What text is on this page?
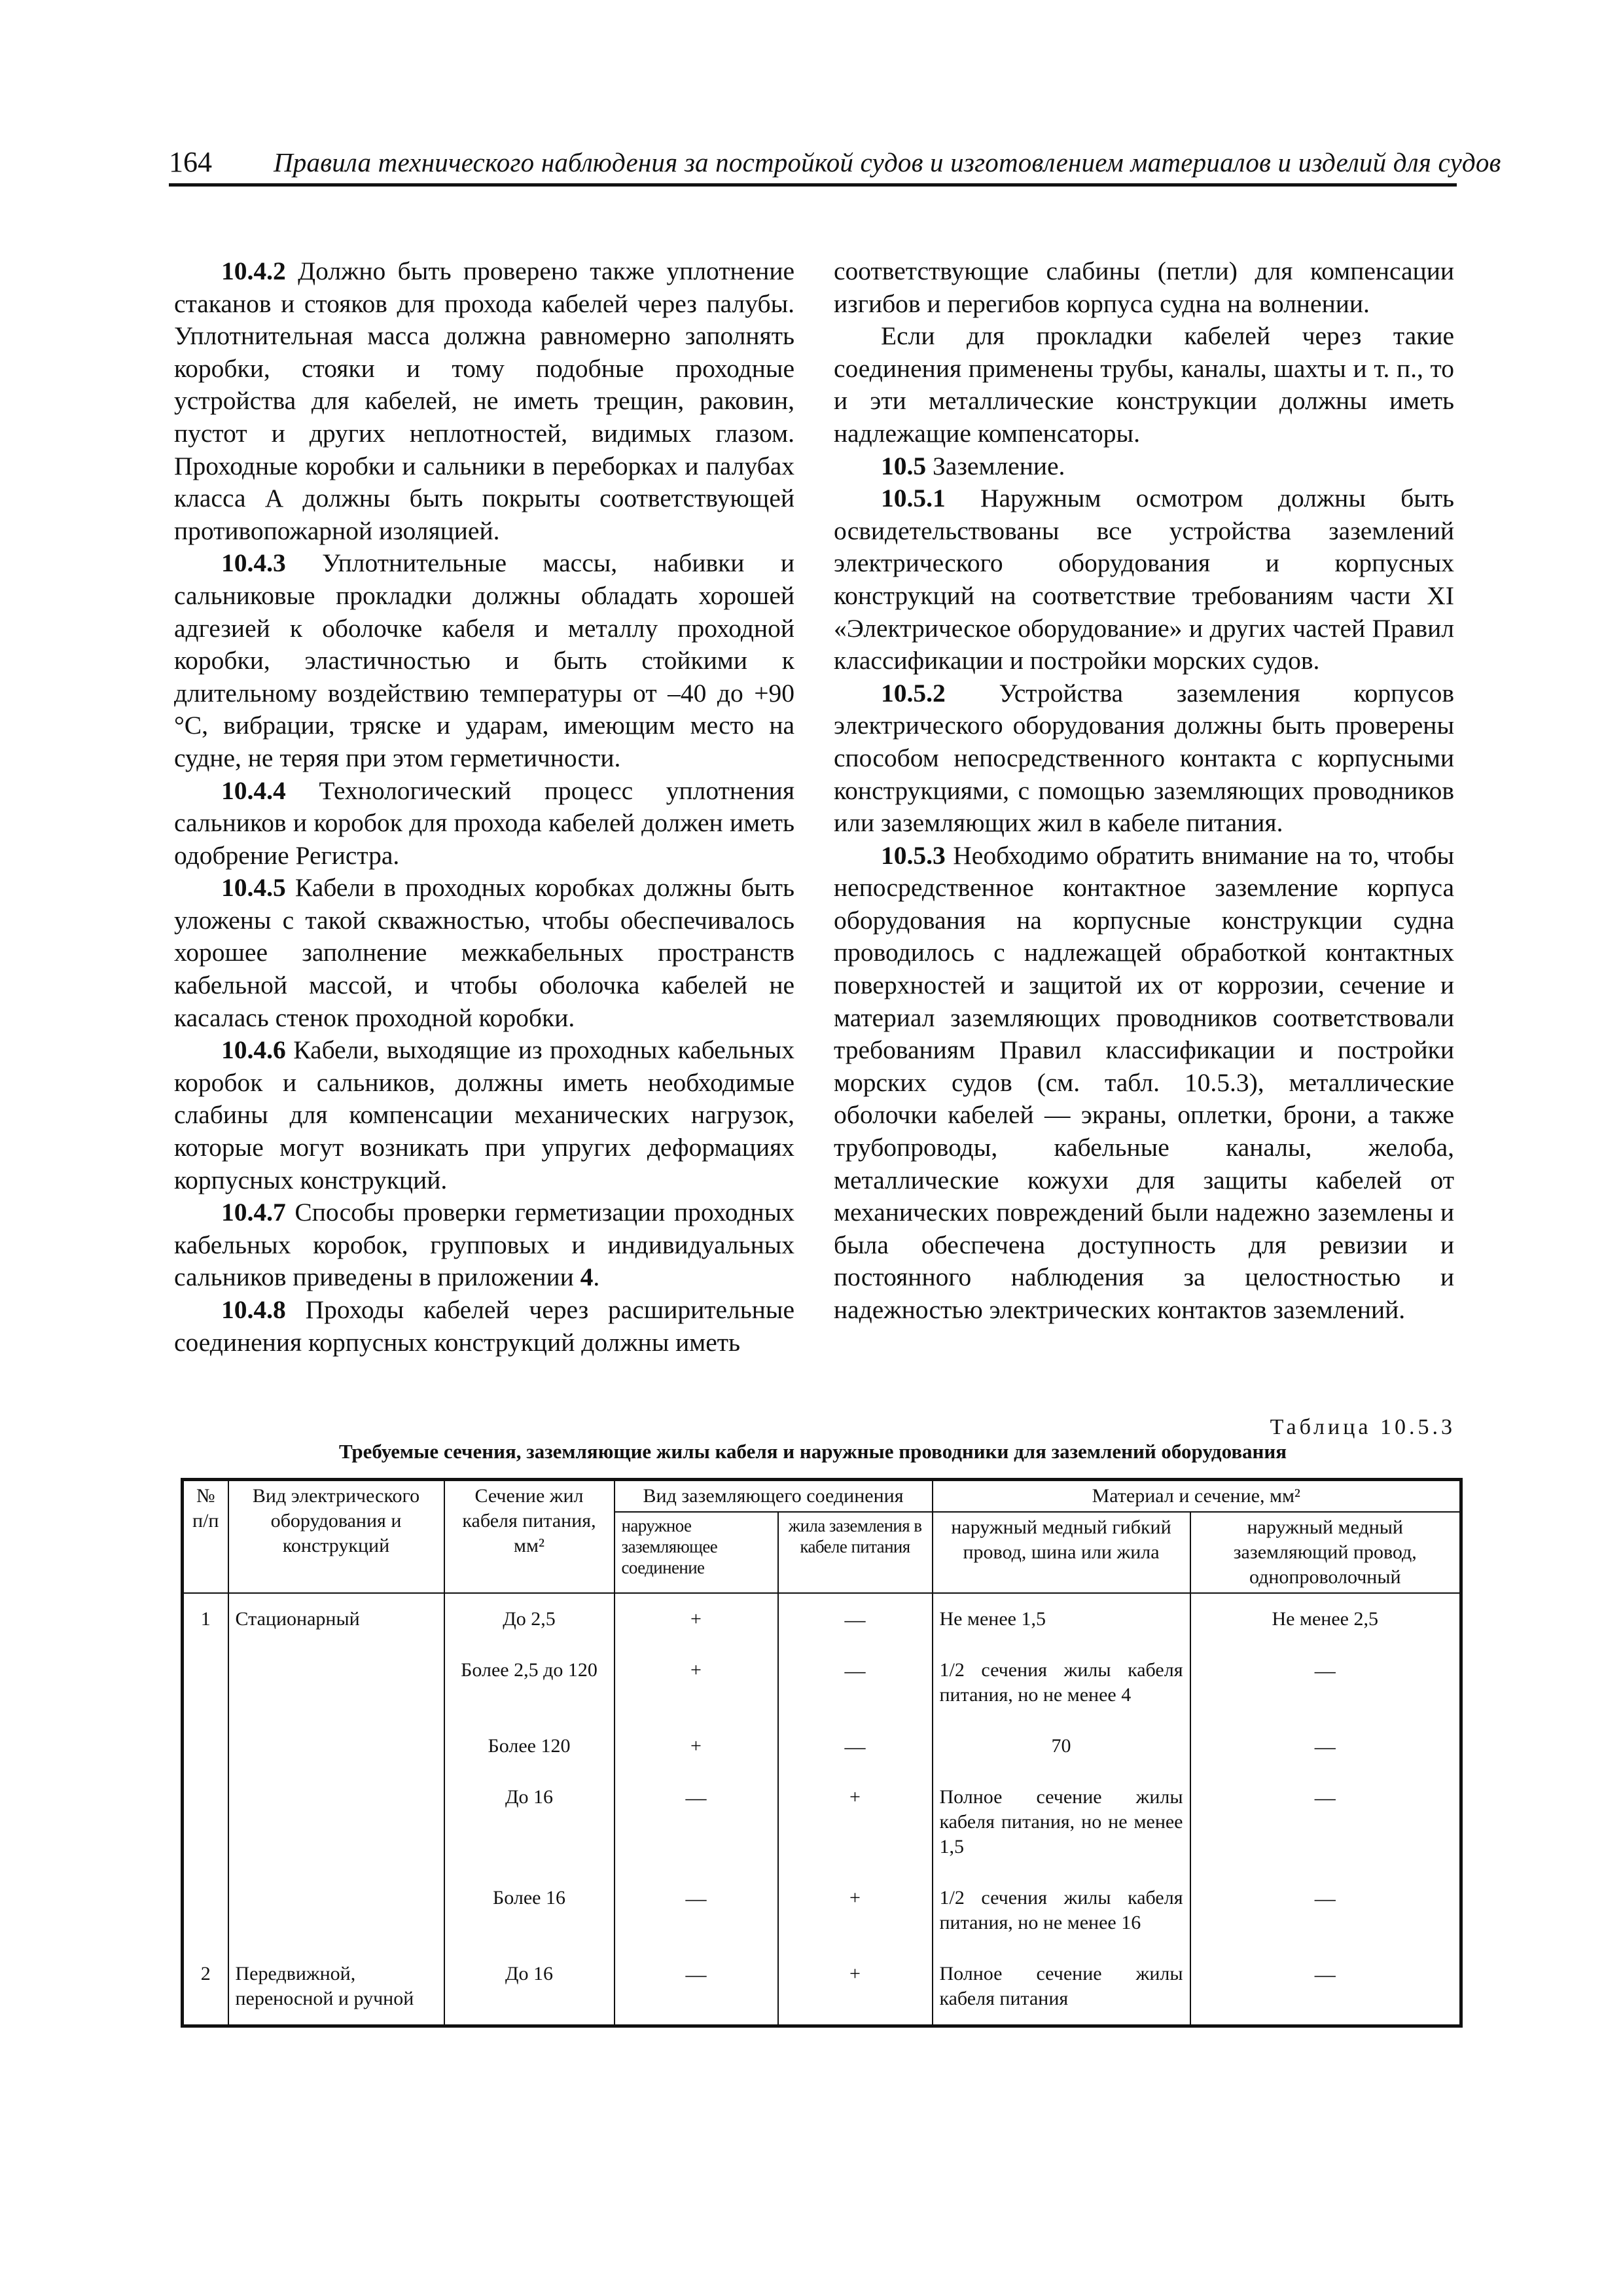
164 Правила технического наблюдения за постройкой судов и изготовлением материалов и изделий для судов

10.4.2 Должно быть проверено также уплотнение стаканов и стояков для прохода кабелей через палубы. Уплотнительная масса должна равномерно заполнять коробки, стояки и тому подобные проходные устройства для кабелей, не иметь трещин, раковин, пустот и других неплотностей, видимых глазом. Проходные коробки и сальники в переборках и палубах класса А должны быть покрыты соответствующей противопожарной изоляцией.

10.4.3 Уплотнительные массы, набивки и сальниковые прокладки должны обладать хорошей адгезией к оболочке кабеля и металлу проходной коробки, эластичностью и быть стойкими к длительному воздействию температуры от –40 до +90 °С, вибрации, тряске и ударам, имеющим место на судне, не теряя при этом герметичности.

10.4.4 Технологический процесс уплотнения сальников и коробок для прохода кабелей должен иметь одобрение Регистра.

10.4.5 Кабели в проходных коробках должны быть уложены с такой скважностью, чтобы обеспечивалось хорошее заполнение межкабельных пространств кабельной массой, и чтобы оболочка кабелей не касалась стенок проходной коробки.

10.4.6 Кабели, выходящие из проходных кабельных коробок и сальников, должны иметь необходимые слабины для компенсации механических нагрузок, которые могут возникать при упругих деформациях корпусных конструкций.

10.4.7 Способы проверки герметизации проходных кабельных коробок, групповых и индивидуальных сальников приведены в приложении 4.

10.4.8 Проходы кабелей через расширительные соединения корпусных конструкций должны иметь

соответствующие слабины (петли) для компенсации изгибов и перегибов корпуса судна на волнении.

Если для прокладки кабелей через такие соединения применены трубы, каналы, шахты и т. п., то и эти металлические конструкции должны иметь надлежащие компенсаторы.

10.5 Заземление.

10.5.1 Наружным осмотром должны быть освидетельствованы все устройства заземлений электрического оборудования и корпусных конструкций на соответствие требованиям части XI «Электрическое оборудование» и других частей Правил классификации и постройки морских судов.

10.5.2 Устройства заземления корпусов электрического оборудования должны быть проверены способом непосредственного контакта с корпусными конструкциями, с помощью заземляющих проводников или заземляющих жил в кабеле питания.

10.5.3 Необходимо обратить внимание на то, чтобы непосредственное контактное заземление корпуса оборудования на корпусные конструкции судна проводилось с надлежащей обработкой контактных поверхностей и защитой их от коррозии, сечение и материал заземляющих проводников соответствовали требованиям Правил классификации и постройки морских судов (см. табл. 10.5.3), металлические оболочки кабелей — экраны, оплетки, брони, а также трубопроводы, кабельные каналы, желоба, металлические кожухи для защиты кабелей от механических повреждений были надежно заземлены и была обеспечена доступность для ревизии и постоянного наблюдения за целостностью и надежностью электрических контактов заземлений.

Таблица 10.5.3
Требуемые сечения, заземляющие жилы кабеля и наружные проводники для заземлений оборудования
№ п/п	Вид электрического оборудования и конструкций	Сечение жил кабеля питания, мм²	Вид заземляющего соединения		Материал и сечение, мм²	
			наружное заземляющее соединение	жила заземления в кабеле питания	наружный медный гибкий провод, шина или жила	наружный медный заземляющий провод, однопроволочный
1	Стационарный	До 2,5	+	—	Не менее 1,5	Не менее 2,5
		Более 2,5 до 120	+	—	1/2 сечения жилы кабеля питания, но не менее 4	—
		Более 120	+	—	70	—
		До 16	—	+	Полное сечение жилы кабеля питания, но не менее 1,5	—
		Более 16	—	+	1/2 сечения жилы кабеля питания, но не менее 16	—
2	Передвижной, переносной и ручной	До 16	—	+	Полное сечение жилы кабеля питания	—
